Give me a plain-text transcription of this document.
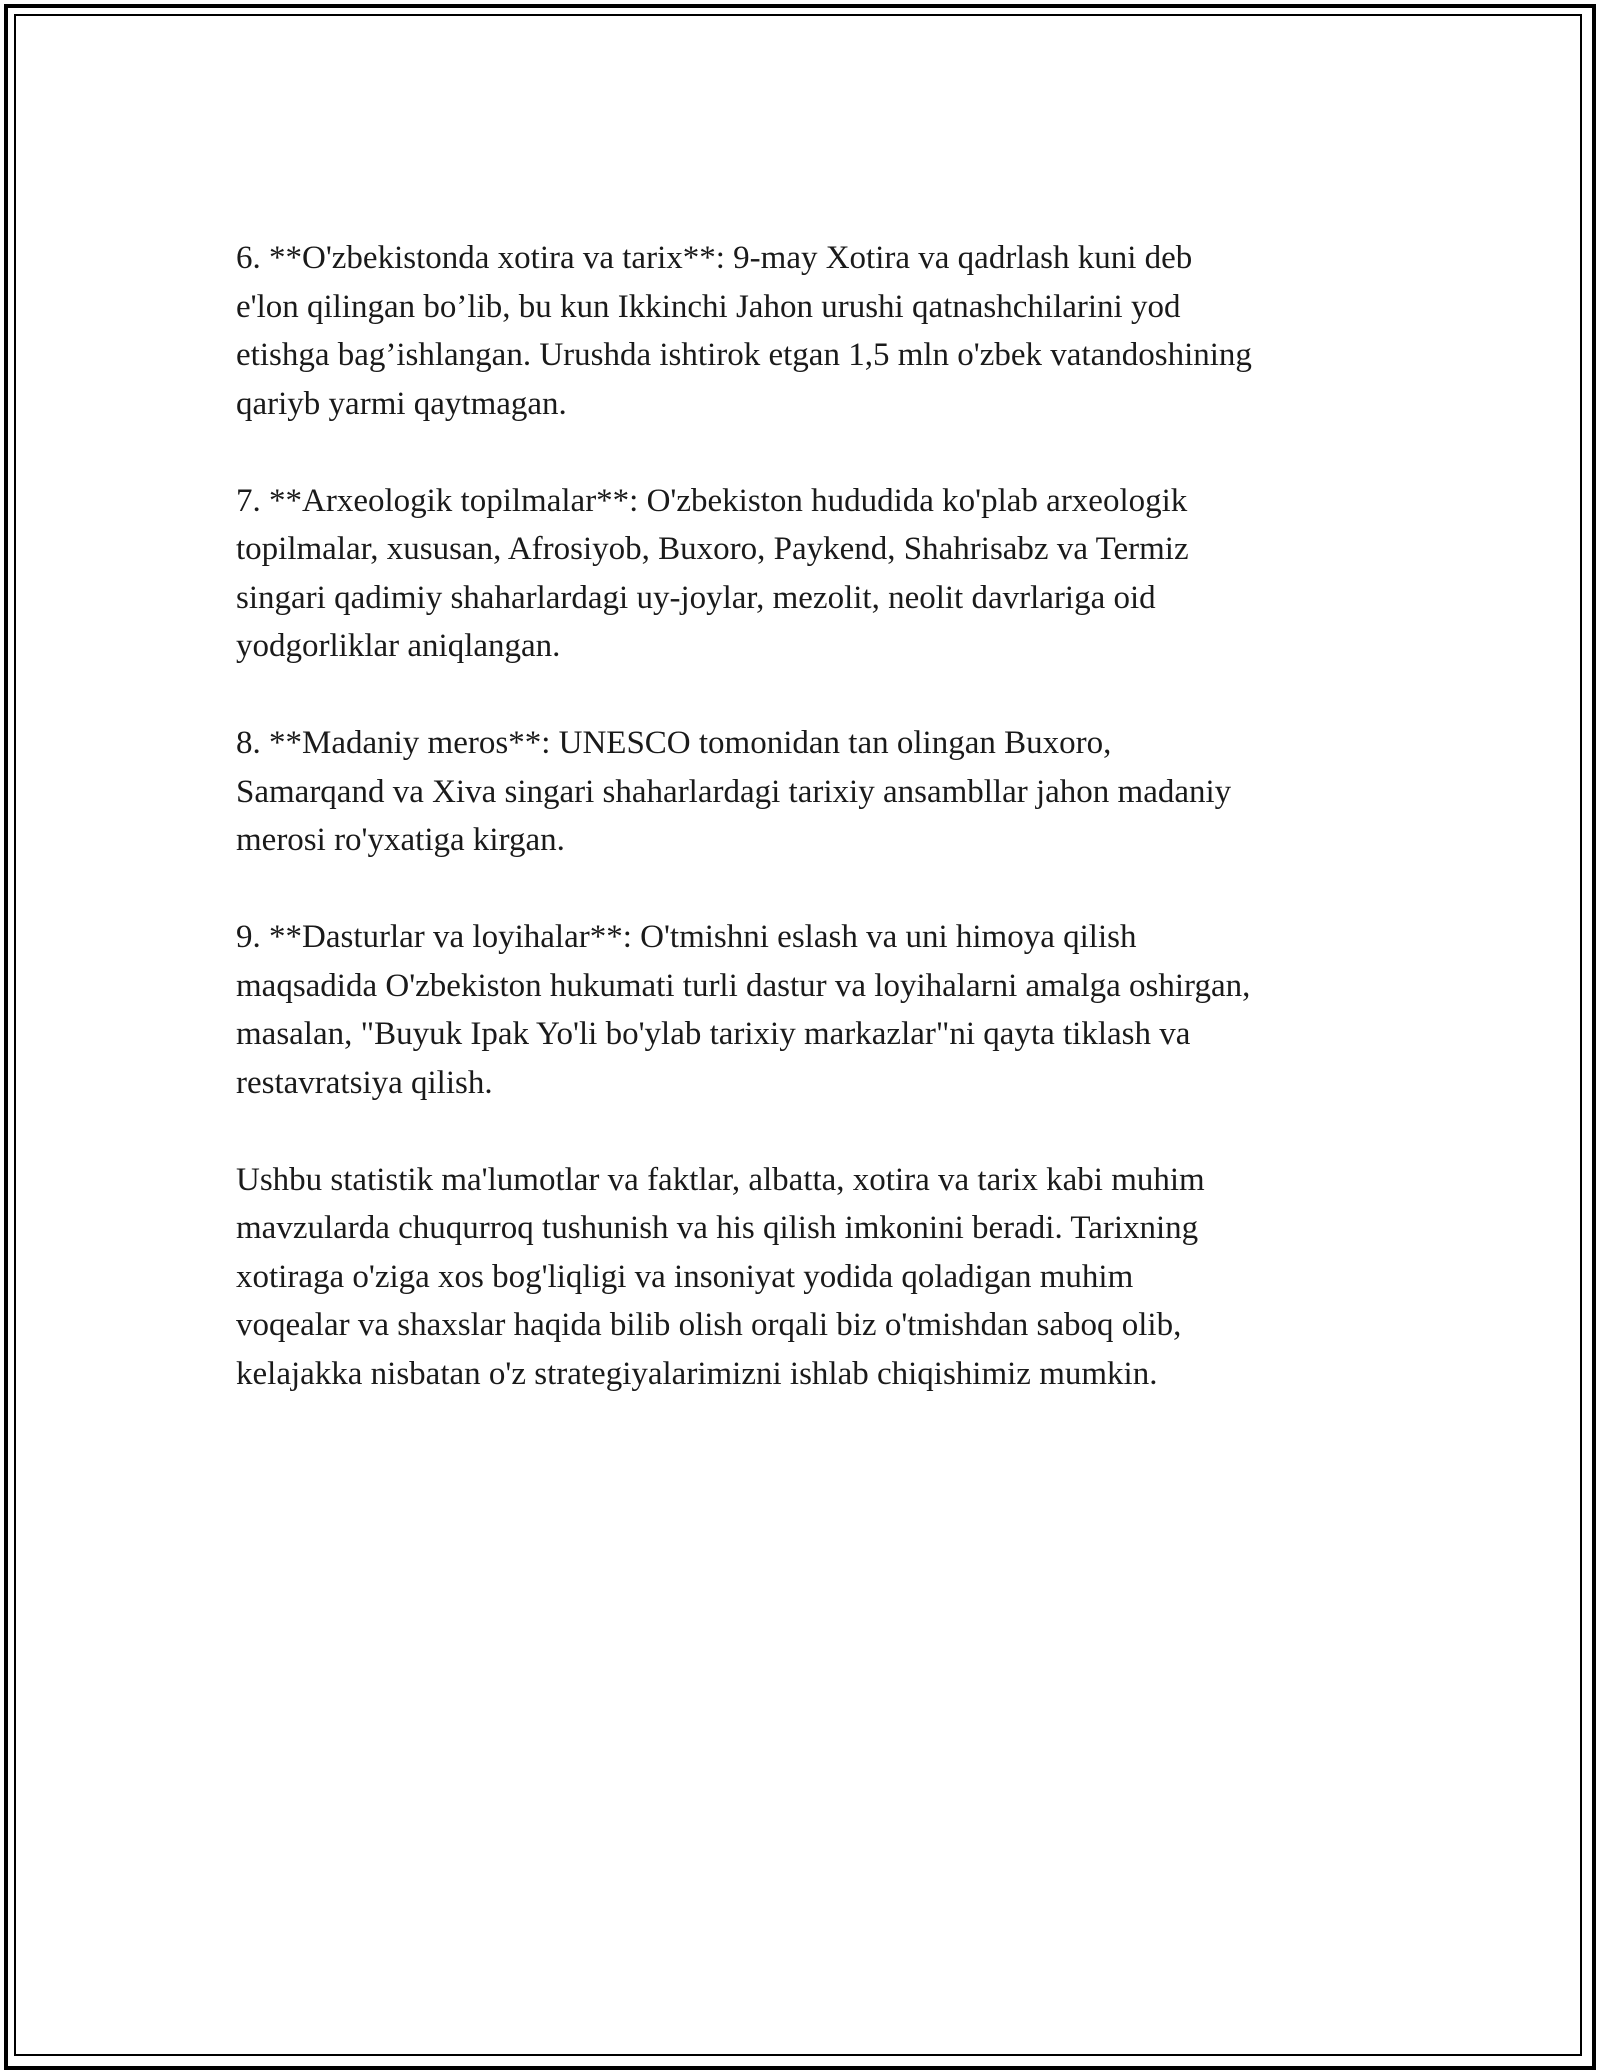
6. **O'zbekistonda xotira va tarix**: 9-may Xotira va qadrlash kuni deb
e'lon qilingan bo’lib, bu kun Ikkinchi Jahon urushi qatnashchilarini yod
etishga bag’ishlangan. Urushda ishtirok etgan 1,5 mln o'zbek vatandoshining
qariyb yarmi qaytmagan.

7. **Arxeologik topilmalar**: O'zbekiston hududida ko'plab arxeologik
topilmalar, xususan, Afrosiyob, Buxoro, Paykend, Shahrisabz va Termiz
singari qadimiy shaharlardagi uy-joylar, mezolit, neolit davrlariga oid
yodgorliklar aniqlangan.

8. **Madaniy meros**: UNESCO tomonidan tan olingan Buxoro,
Samarqand va Xiva singari shaharlardagi tarixiy ansambllar jahon madaniy
merosi ro'yxatiga kirgan.

9. **Dasturlar va loyihalar**: O'tmishni eslash va uni himoya qilish
maqsadida O'zbekiston hukumati turli dastur va loyihalarni amalga oshirgan,
masalan, "Buyuk Ipak Yo'li bo'ylab tarixiy markazlar"ni qayta tiklash va
restavratsiya qilish.

Ushbu statistik ma'lumotlar va faktlar, albatta, xotira va tarix kabi muhim
mavzularda chuqurroq tushunish va his qilish imkonini beradi. Tarixning
xotiraga o'ziga xos bog'liqligi va insoniyat yodida qoladigan muhim
voqealar va shaxslar haqida bilib olish orqali biz o'tmishdan saboq olib,
kelajakka nisbatan o'z strategiyalarimizni ishlab chiqishimiz mumkin.
